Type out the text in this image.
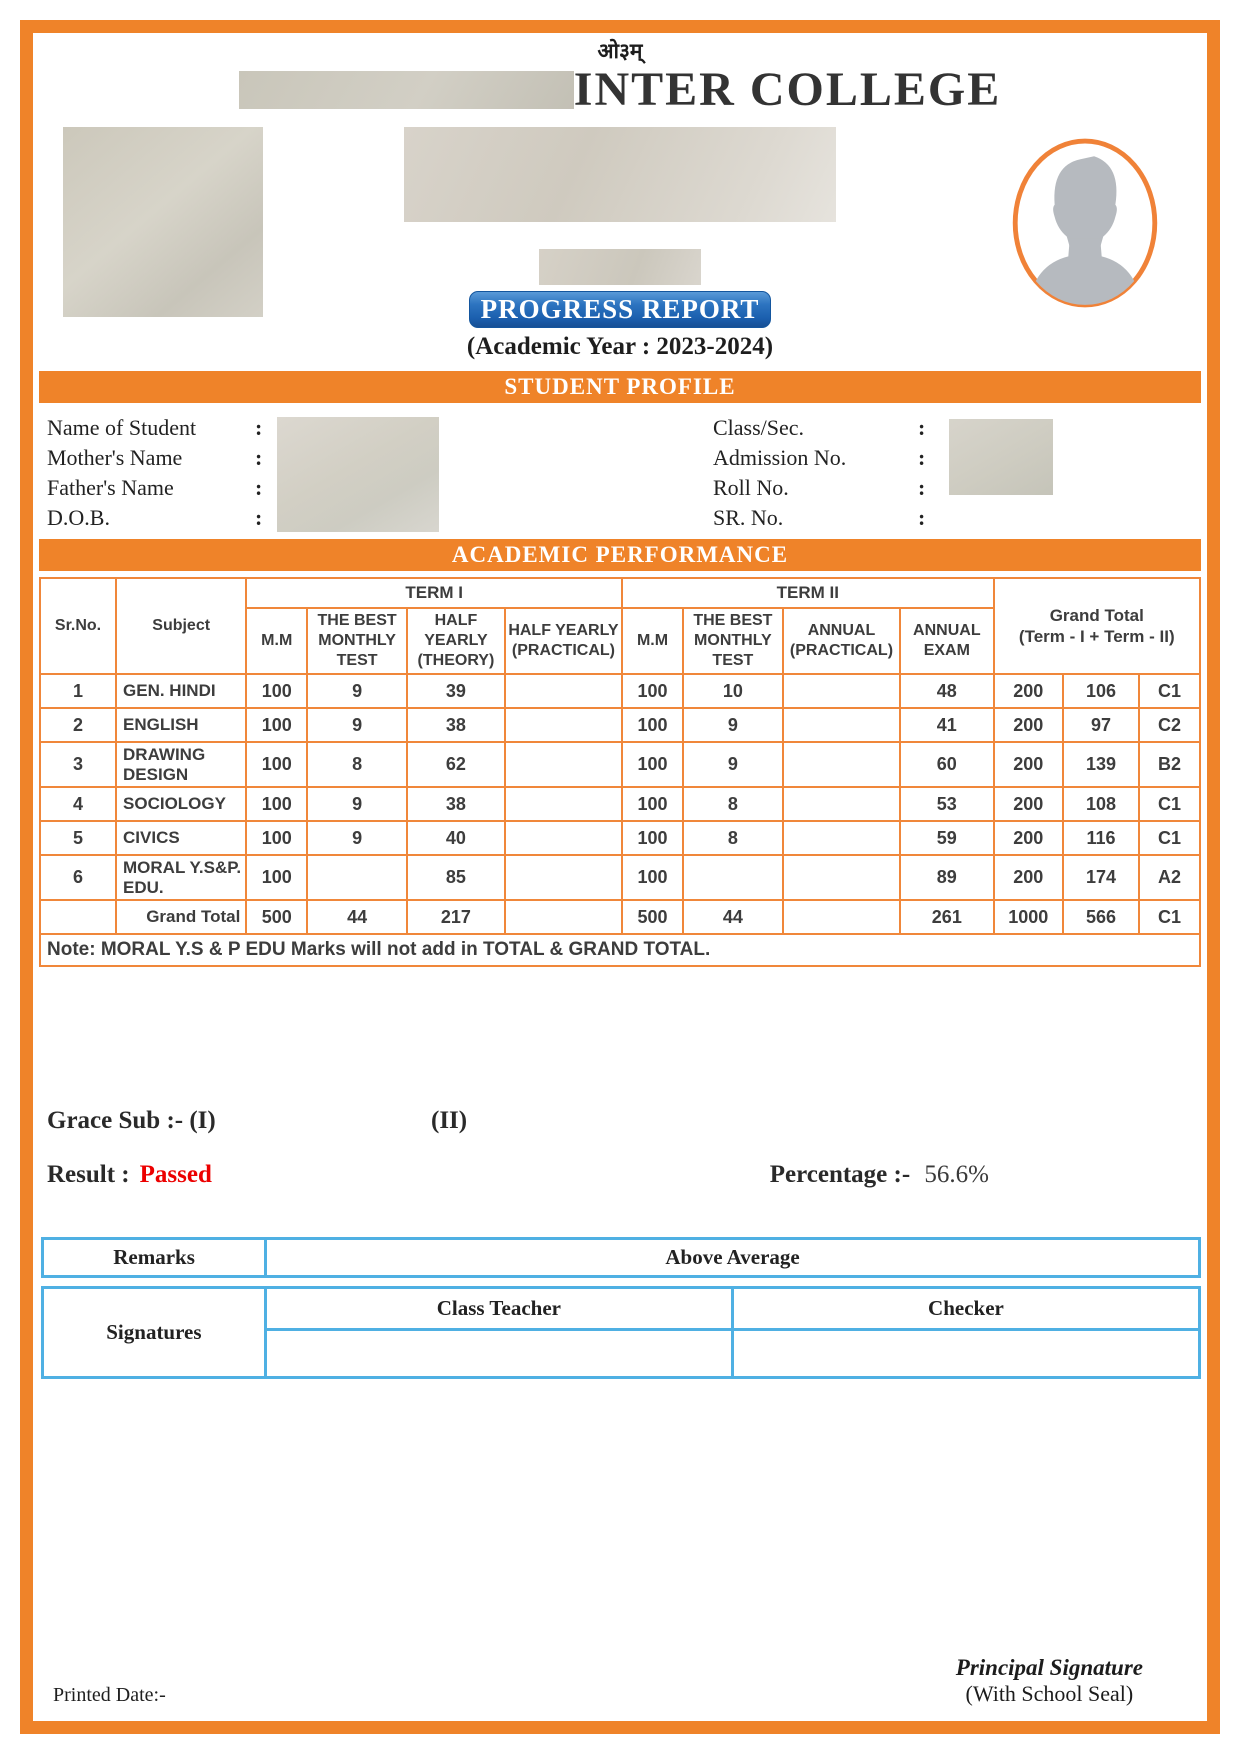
ओ३म्
INTER COLLEGE
PROGRESS REPORT
(Academic Year : 2023-2024)
STUDENT PROFILE
Name of Student	:
Mother's Name	:
Father's Name	:
D.O.B.	:
Class/Sec.	:
Admission No.	:
Roll No.	:
SR. No.	:
ACADEMIC PERFORMANCE
Sr.No.	Subject	TERM I				TERM II				Grand Total
(Term - I + Term - II)		

		M.M	THE BEST MONTHLY TEST	HALF YEARLY (THEORY)	HALF YEARLY (PRACTICAL)	M.M	THE BEST MONTHLY TEST	ANNUAL (PRACTICAL)	ANNUAL EXAM			
1	GEN. HINDI	100	9	39		100	10		48	200	106	C1
2	ENGLISH	100	9	38		100	9		41	200	97	C2
3	DRAWING DESIGN	100	8	62		100	9		60	200	139	B2
4	SOCIOLOGY	100	9	38		100	8		53	200	108	C1
5	CIVICS	100	9	40		100	8		59	200	116	C1
6	MORAL Y.S&P. EDU.	100		85		100			89	200	174	A2
	Grand Total	500	44	217		500	44		261	1000	566	C1
Note: MORAL Y.S & P EDU Marks will not add in TOTAL & GRAND TOTAL.												
Grace Sub :- (I)	(II)
Result : Passed	Percentage :- 56.6%
Remarks	Above Average
Signatures	Class Teacher	Checker

Printed Date:-
Principal Signature
(With School Seal)
